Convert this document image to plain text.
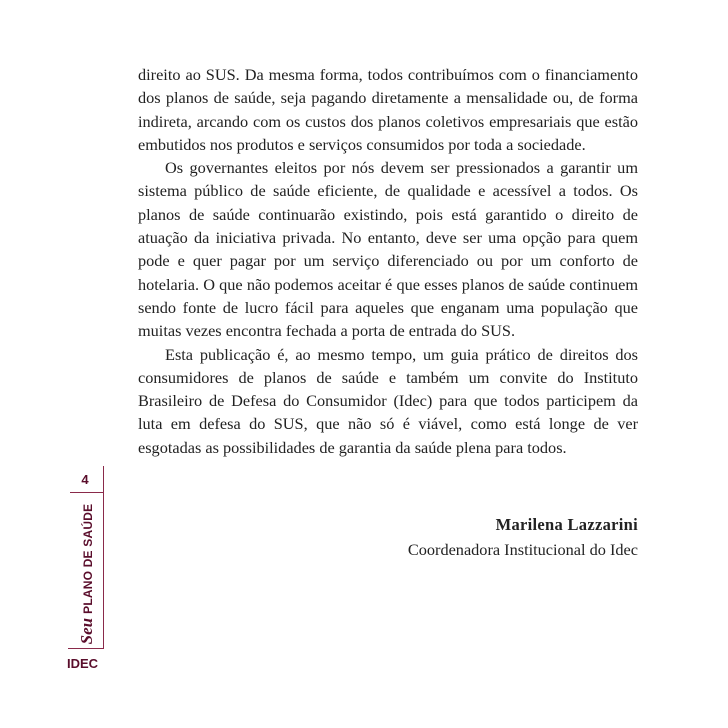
4
SeuPLANO DE SAÚDE
IDEC

direito ao SUS. Da mesma forma, todos contribuímos com o financiamento dos planos de saúde, seja pagando diretamente a mensalidade ou, de forma indireta, arcando com os custos dos planos coletivos empresariais que estão embutidos nos produtos e serviços consumidos por toda a sociedade.

Os governantes eleitos por nós devem ser pressionados a garantir um sistema público de saúde eficiente, de qualidade e acessível a todos. Os planos de saúde continuarão existindo, pois está garantido o direito de atuação da iniciativa privada. No entanto, deve ser uma opção para quem pode e quer pagar por um serviço diferenciado ou por um conforto de hotelaria. O que não podemos aceitar é que esses planos de saúde continuem sendo fonte de lucro fácil para aqueles que enganam uma população que muitas vezes encontra fechada a porta de entrada do SUS.

Esta publicação é, ao mesmo tempo, um guia prático de direitos dos consumidores de planos de saúde e também um convite do Instituto Brasileiro de Defesa do Consumidor (Idec) para que todos participem da luta em defesa do SUS, que não só é viável, como está longe de ver esgotadas as possibilidades de garantia da saúde plena para todos.

Marilena Lazzarini
Coordenadora Institucional do Idec
